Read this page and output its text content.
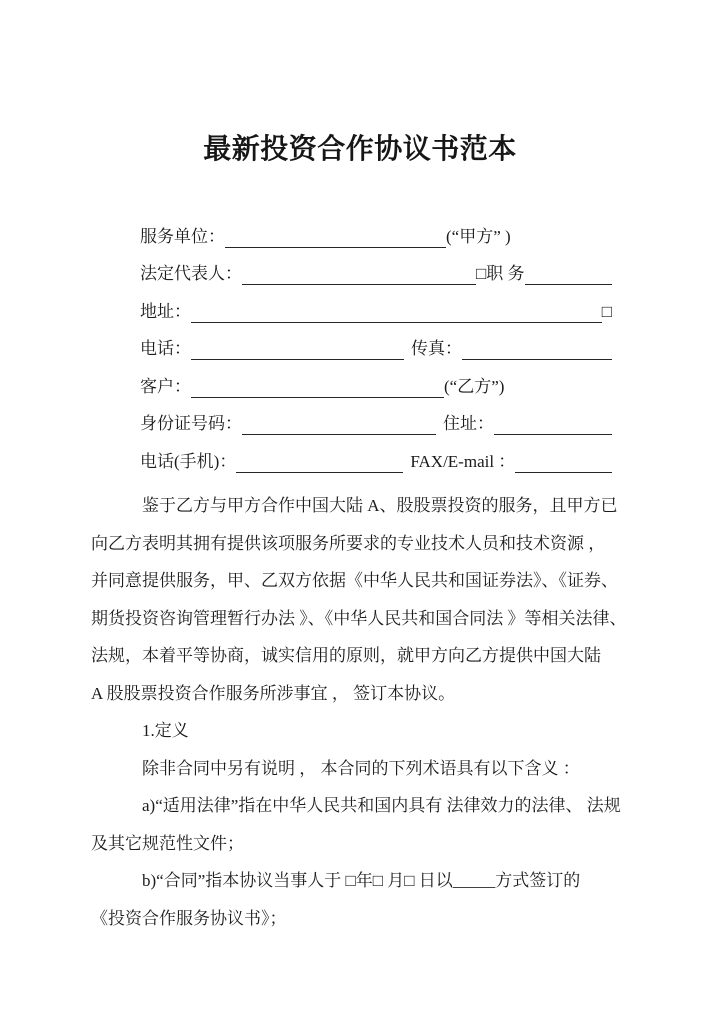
最新投资合作协议书范本
服务单位：	(“甲方” )
法定代表人：	□职 务
地址：	□
电话：	传真：
客户：	(“乙方”)
身份证号码：	住址：
电话(手机)：	FAX/E-mail ：
鉴于乙方与甲方合作中国大陆 A、股股票投资的服务，且甲方已
向乙方表明其拥有提供该项服务所要求的专业技术人员和技术资源 ，
并同意提供服务，甲、乙双方依据《中华人民共和国证券法》、《证券、
期货投资咨询管理暂行办法 》、《中华人民共和国合同法 》等相关法律、
法规，本着平等协商，诚实信用的原则，就甲方向乙方提供中国大陆
A 股股票投资合作服务所涉事宜 ， 签订本协议。
1.定义
除非合同中另有说明 ， 本合同的下列术语具有以下含义 ：
a)“适用法律”指在中华人民共和国内具有 法律效力的法律、 法规
及其它规范性文件；
b)“合同”指本协议当事人于 □年□ 月□ 日以_____方式签订的
《投资合作服务协议书》；
